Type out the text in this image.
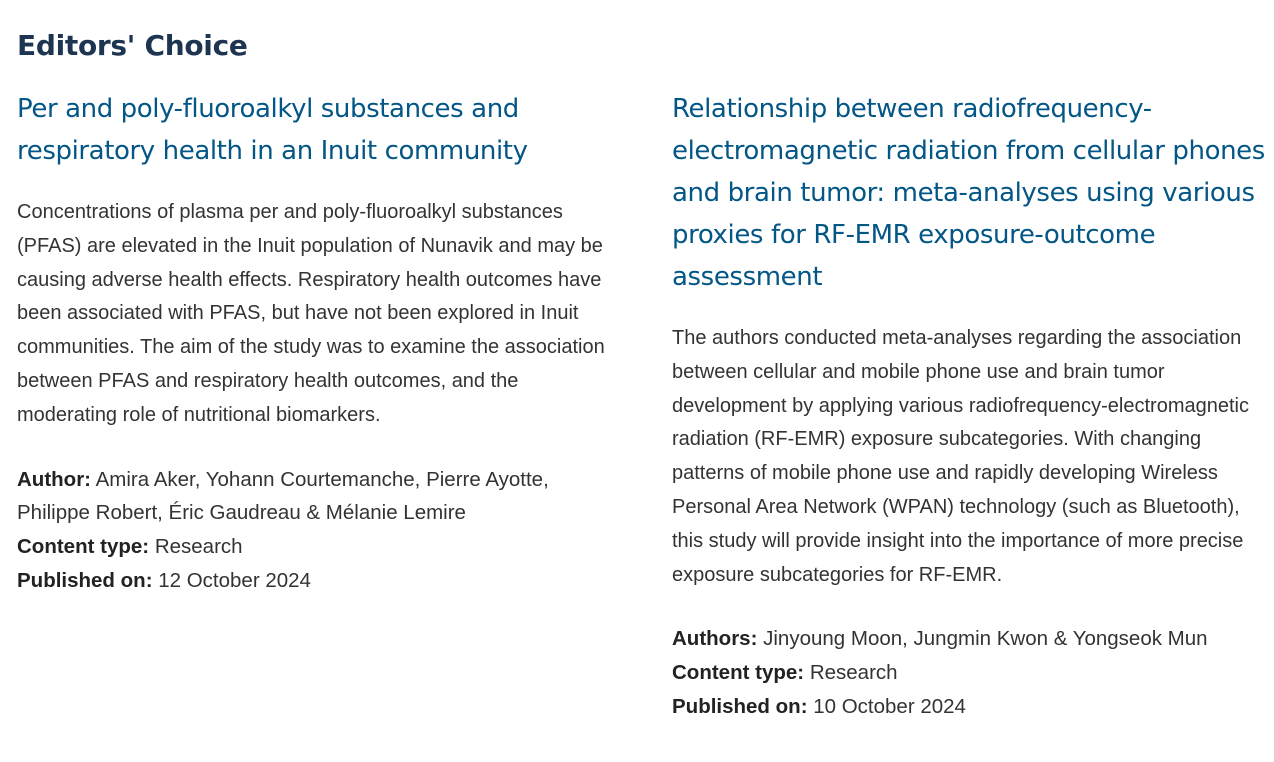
Editors' Choice
Per and poly-fluoroalkyl substances and respiratory health in an Inuit community

Concentrations of plasma per and poly-fluoroalkyl substances (PFAS) are elevated in the Inuit population of Nunavik and may be causing adverse health effects. Respiratory health outcomes have been associated with PFAS, but have not been explored in Inuit communities. The aim of the study was to examine the association between PFAS and respiratory health outcomes, and the moderating role of nutritional biomarkers.

Author: Amira Aker, Yohann Courtemanche, Pierre Ayotte, Philippe Robert, Éric Gaudreau & Mélanie Lemire

Content type: Research

Published on: 12 October 2024

Relationship between radiofrequency-electromagnetic radiation from cellular phones and brain tumor: meta-analyses using various proxies for RF-EMR exposure-outcome assessment

The authors conducted meta-analyses regarding the association between cellular and mobile phone use and brain tumor development by applying various radiofrequency-electromagnetic radiation (RF-EMR) exposure subcategories. With changing patterns of mobile phone use and rapidly developing Wireless Personal Area Network (WPAN) technology (such as Bluetooth), this study will provide insight into the importance of more precise exposure subcategories for RF-EMR.

Authors: Jinyoung Moon, Jungmin Kwon & Yongseok Mun

Content type: Research

Published on: 10 October 2024
